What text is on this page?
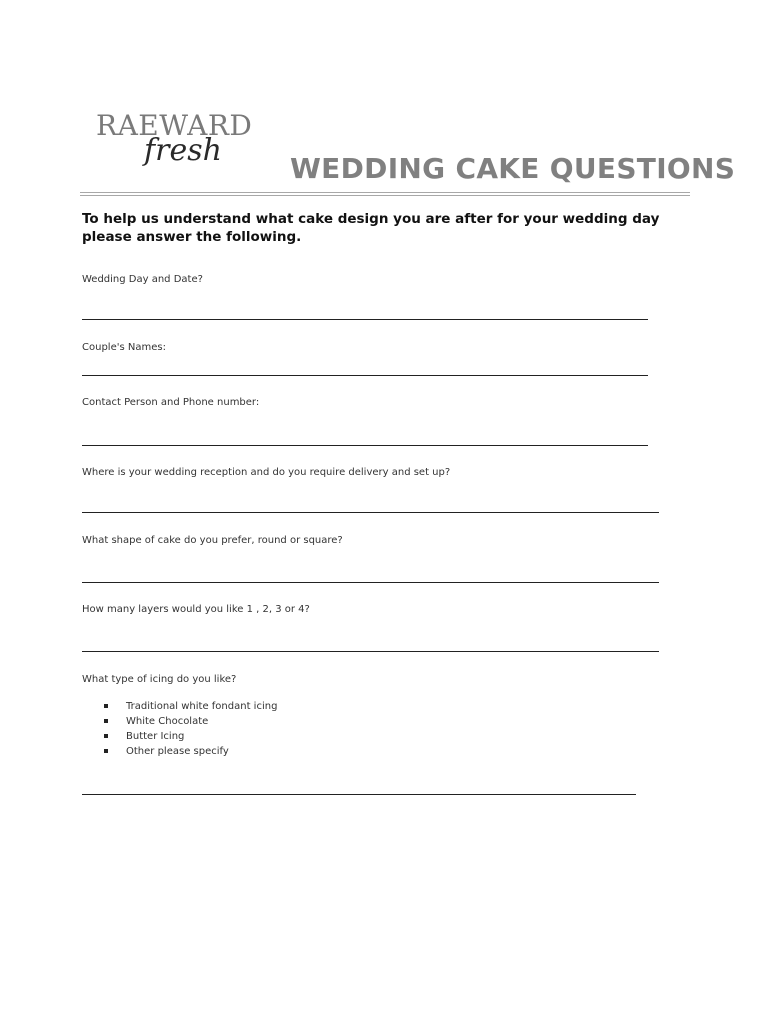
RAEWARD
fresh
WEDDING CAKE QUESTIONS
To help us understand what cake design you are after for your wedding day please answer the following.
Wedding Day and Date?
Couple's Names:
Contact Person and Phone number:
Where is your wedding reception and do you require delivery and set up?
What shape of cake do you prefer, round or square?
How many layers would you like 1 , 2, 3 or 4?
What type of icing do you like?
Traditional white fondant icing
White Chocolate
Butter Icing
Other please specify
